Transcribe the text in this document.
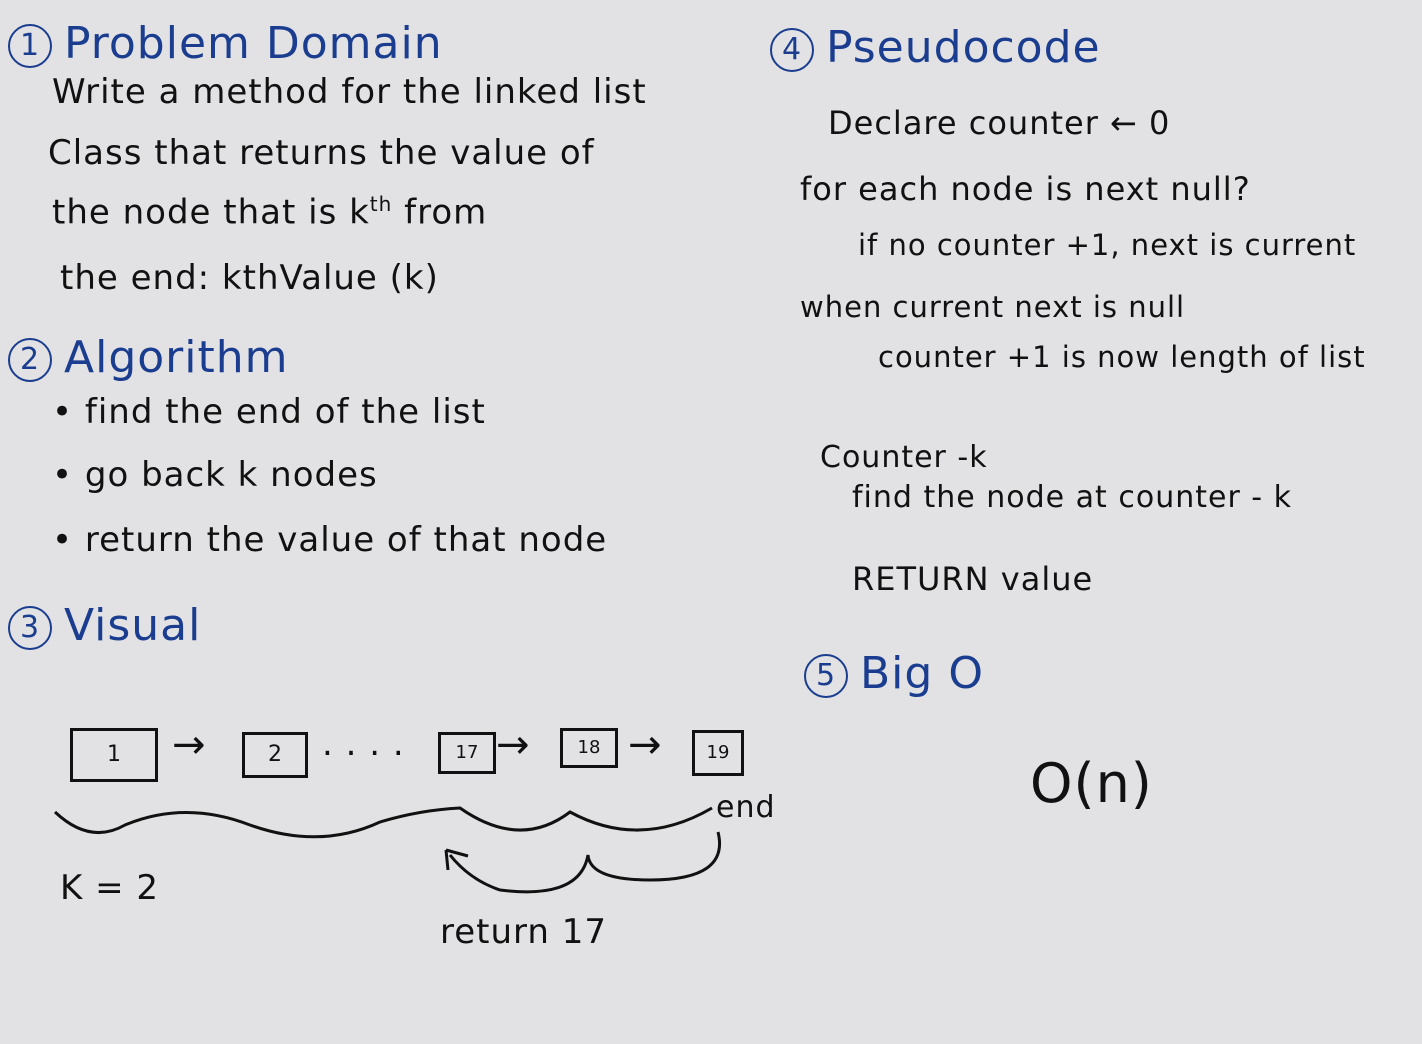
1 Problem Domain
Write a method for the linked list
Class that returns the value of
the node that is $k^{th}$ from
the end: kthValue (k)
2 Algorithm
• find the end of the list
• go back k nodes
• return the value of that node
3 Visual
1	→	2	. . . .	17 →	18 →	19
end
K = 2
return 17
4 Pseudocode
Declare counter ← 0
for each node is next null?
if no counter +1, next is current
when current next is null
counter +1 is now length of list
Counter -k
find the node at counter - k
RETURN value
5 Big O
O(n)
